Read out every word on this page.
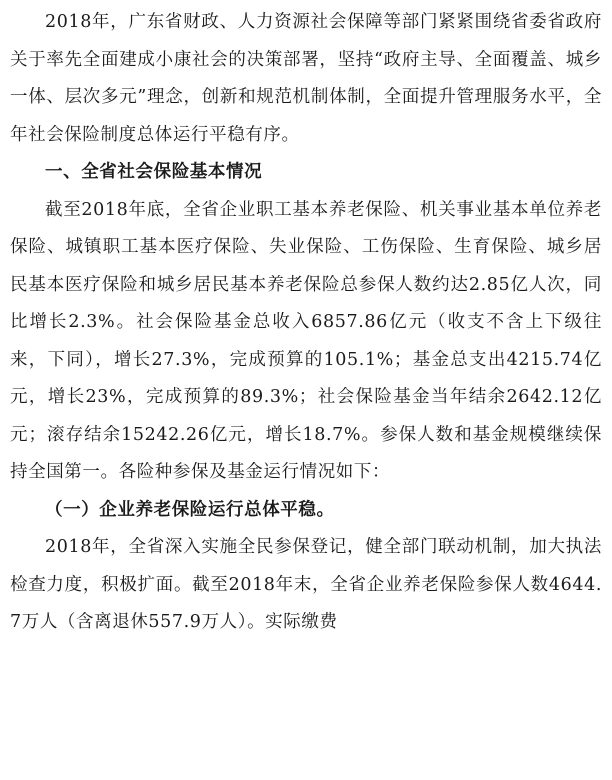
2018年，广东省财政、人力资源社会保障等部门紧紧围绕省委省政府关于率先全面建成小康社会的决策部署，坚持“政府主导、全面覆盖、城乡一体、层次多元”理念，创新和规范机制体制，全面提升管理服务水平，全年社会保险制度总体运行平稳有序。

一、全省社会保险基本情况

截至2018年底，全省企业职工基本养老保险、机关事业基本单位养老保险、城镇职工基本医疗保险、失业保险、工伤保险、生育保险、城乡居民基本医疗保险和城乡居民基本养老保险总参保人数约达2.85亿人次，同比增长2.3%。社会保险基金总收入6857.86亿元（收支不含上下级往来，下同），增长27.3%，完成预算的105.1%；基金总支出4215.74亿元，增长23%，完成预算的89.3%；社会保险基金当年结余2642.12亿元；滚存结余15242.26亿元，增长18.7%。参保人数和基金规模继续保持全国第一。各险种参保及基金运行情况如下：

（一）企业养老保险运行总体平稳。

2018年，全省深入实施全民参保登记，健全部门联动机制，加大执法检查力度，积极扩面。截至2018年末，全省企业养老保险参保人数4644.7万人（含离退休557.9万人）。实际缴费
